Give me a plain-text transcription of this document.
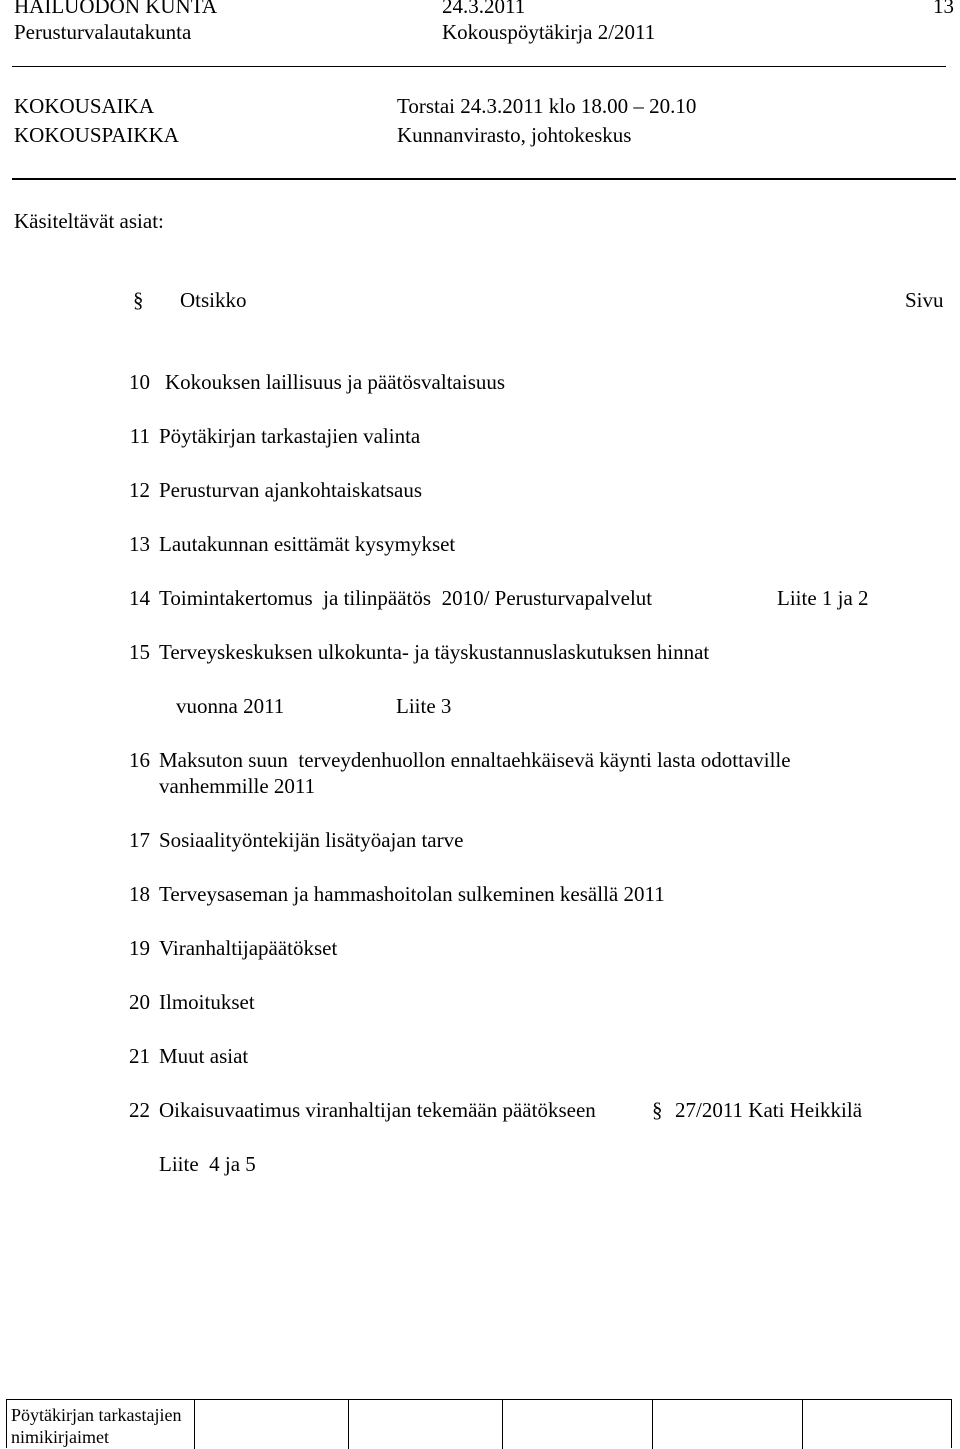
HAILUODON KUNTA	24.3.2011	13
Perusturvalautakunta	Kokouspöytäkirja 2/2011
KOKOUSAIKA	Torstai 24.3.2011 klo 18.00 – 20.10
KOKOUSPAIKKA	Kunnanvirasto, johtokeskus
Käsiteltävät asiat:
§ Otsikko	Sivu
10 Kokouksen laillisuus ja päätösvaltaisuus
11 Pöytäkirjan tarkastajien valinta
12 Perusturvan ajankohtaiskatsaus
13 Lautakunnan esittämät kysymykset
14 Toimintakertomus  ja tilinpäätös  2010/ Perusturvapalvelut	Liite 1 ja 2
15 Terveyskeskuksen ulkokunta- ja täyskustannuslaskutuksen hinnat
vuonna 2011	Liite 3
16 Maksuton suun  terveydenhuollon ennaltaehkäisevä käynti lasta odottaville
vanhemmille 2011
17 Sosiaalityöntekijän lisätyöajan tarve
18 Terveysaseman ja hammashoitolan sulkeminen kesällä 2011
19 Viranhaltijapäätökset
20 Ilmoitukset
21 Muut asiat
22 Oikaisuvaatimus viranhaltijan tekemään päätökseen	§ 27/2011 Kati Heikkilä
Liite  4 ja 5
Pöytäkirjan tarkastajien
nimikirjaimet
